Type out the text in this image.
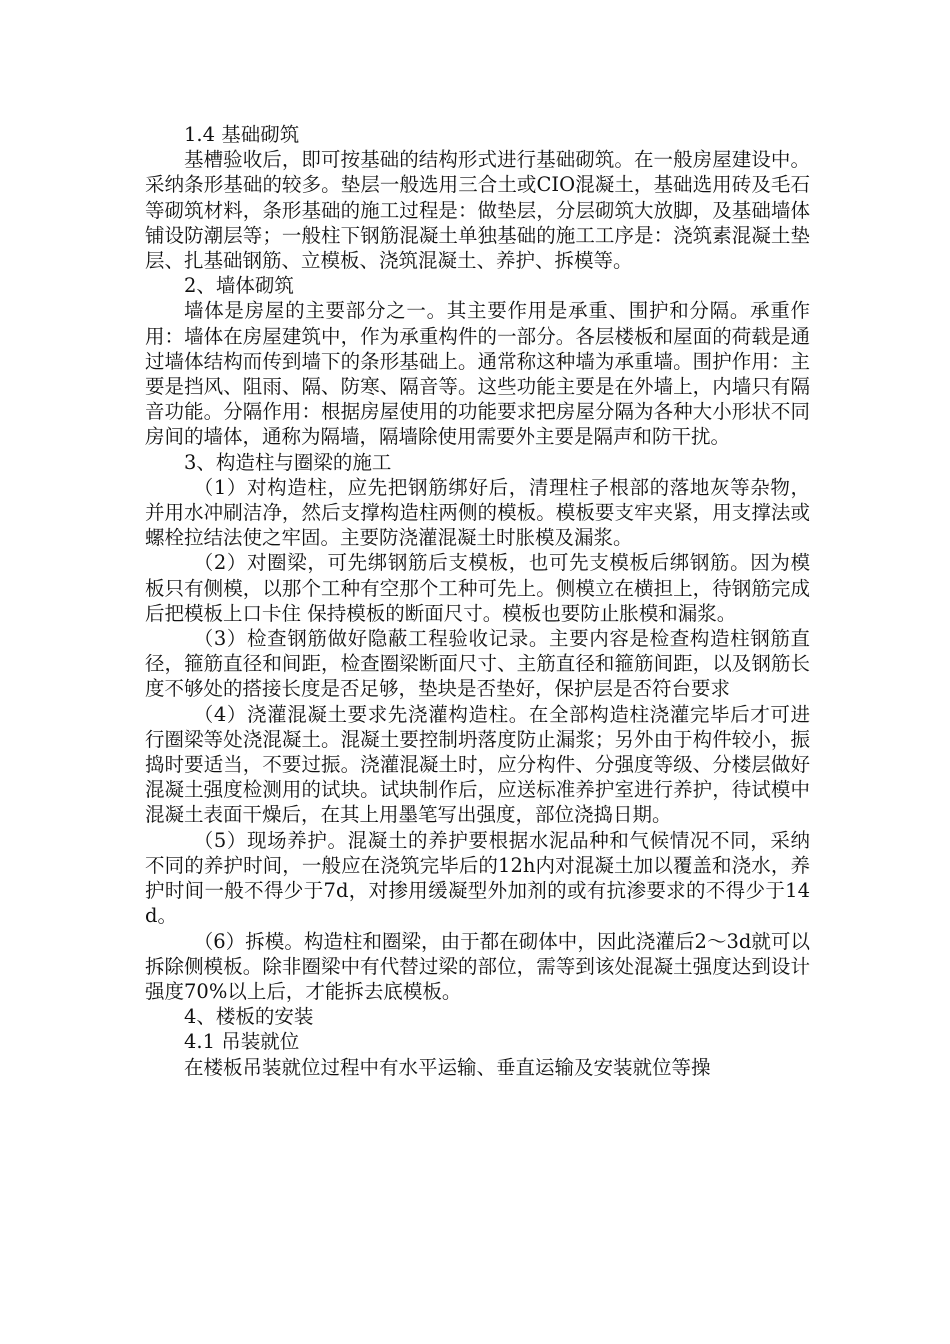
1.4 基础砌筑

基槽验收后，即可按基础的结构形式进行基础砌筑。在一般房屋建设中。采纳条形基础的较多。垫层一般选用三合土或CIO混凝土，基础选用砖及毛石等砌筑材料，条形基础的施工过程是：做垫层，分层砌筑大放脚，及基础墙体铺设防潮层等；一般柱下钢筋混凝土单独基础的施工工序是：浇筑素混凝土垫层、扎基础钢筋、立模板、浇筑混凝土、养护、拆模等。

2、墙体砌筑

墙体是房屋的主要部分之一。其主要作用是承重、围护和分隔。承重作用：墙体在房屋建筑中，作为承重构件的一部分。各层楼板和屋面的荷载是通过墙体结构而传到墙下的条形基础上。通常称这种墙为承重墙。围护作用：主要是挡风、阻雨、隔、防寒、隔音等。这些功能主要是在外墙上，内墙只有隔音功能。分隔作用：根据房屋使用的功能要求把房屋分隔为各种大小形状不同房间的墙体，通称为隔墙，隔墙除使用需要外主要是隔声和防干扰。

3、构造柱与圈梁的施工

（1）对构造柱，应先把钢筋绑好后，清理柱子根部的落地灰等杂物，并用水冲刷洁净，然后支撑构造柱两侧的模板。模板要支牢夹紧，用支撑法或螺栓拉结法使之牢固。主要防浇灌混凝土时胀模及漏浆。

（2）对圈梁，可先绑钢筋后支模板，也可先支模板后绑钢筋。因为模板只有侧模，以那个工种有空那个工种可先上。侧模立在横担上，待钢筋完成后把模板上口卡住 保持模板的断面尺寸。模板也要防止胀模和漏浆。

（3）检查钢筋做好隐蔽工程验收记录。主要内容是检查构造柱钢筋直径，箍筋直径和间距，检查圈梁断面尺寸、主筋直径和箍筋间距，以及钢筋长度不够处的搭接长度是否足够，垫块是否垫好，保护层是否符台要求

（4）浇灌混凝土要求先浇灌构造柱。在全部构造柱浇灌完毕后才可进行圈梁等处浇混凝土。混凝土要控制坍落度防止漏浆；另外由于构件较小，振捣时要适当，不要过振。浇灌混凝土时，应分构件、分强度等级、分楼层做好混凝土强度检测用的试块。试块制作后，应送标准养护室进行养护，待试模中混凝土表面干燥后，在其上用墨笔写出强度，部位浇捣日期。

（5）现场养护。混凝土的养护要根据水泥品种和气候情况不同，采纳不同的养护时间，一般应在浇筑完毕后的12h内对混凝土加以覆盖和浇水，养护时间一般不得少于7d，对掺用缓凝型外加剂的或有抗渗要求的不得少于14d。

（6）拆模。构造柱和圈梁，由于都在砌体中，因此浇灌后2～3d就可以拆除侧模板。除非圈梁中有代替过梁的部位，需等到该处混凝土强度达到设计强度70%以上后，才能拆去底模板。

4、楼板的安装

4.1 吊装就位

在楼板吊装就位过程中有水平运输、垂直运输及安装就位等操
